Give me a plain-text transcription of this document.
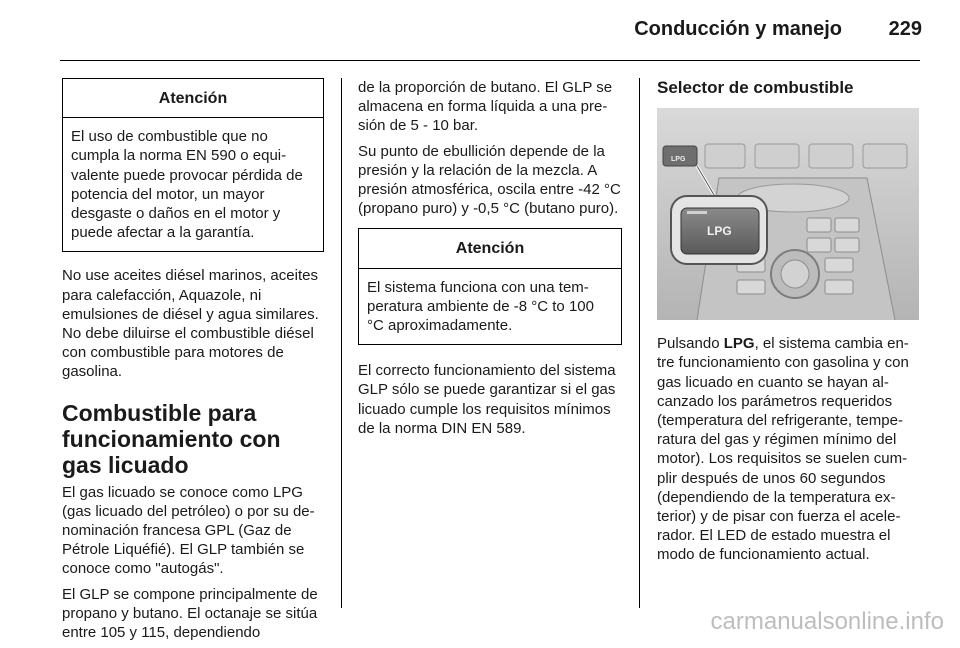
Conducción y manejo 229
Atención
El uso de combustible que no cumpla la norma EN 590 o equivalente puede provocar pérdida de potencia del motor, un mayor desgaste o daños en el motor y puede afectar a la garantía.

No use aceites diésel marinos, aceites para calefacción, Aquazole, ni emulsiones de diésel y agua similares. No debe diluirse el combustible diésel con combustible para motores de gasolina.

Combustible para funcionamiento con gas licuado

El gas licuado se conoce como LPG (gas licuado del petróleo) o por su denominación francesa GPL (Gaz de Pétrole Liquéfié). El GLP también se conoce como "autogás".

El GLP se compone principalmente de propano y butano. El octanaje se sitúa entre 105 y 115, dependiendo

de la proporción de butano. El GLP se almacena en forma líquida a una presión de 5 - 10 bar.

Su punto de ebullición depende de la presión y la relación de la mezcla. A presión atmosférica, oscila entre -42 °C (propano puro) y -0,5 °C (butano puro).

Atención
El sistema funciona con una temperatura ambiente de -8 °C to 100 °C aproximadamente.

El correcto funcionamiento del sistema GLP sólo se puede garantizar si el gas licuado cumple los requisitos mínimos de la norma DIN EN 589.

Selector de combustible
LPG
LPG

Pulsando LPG, el sistema cambia entre funcionamiento con gasolina y con gas licuado en cuanto se hayan alcanzado los parámetros requeridos (temperatura del refrigerante, temperatura del gas y régimen mínimo del motor). Los requisitos se suelen cumplir después de unos 60 segundos (dependiendo de la temperatura exterior) y de pisar con fuerza el acelerador. El LED de estado muestra el modo de funcionamiento actual.

carmanualsonline.info
